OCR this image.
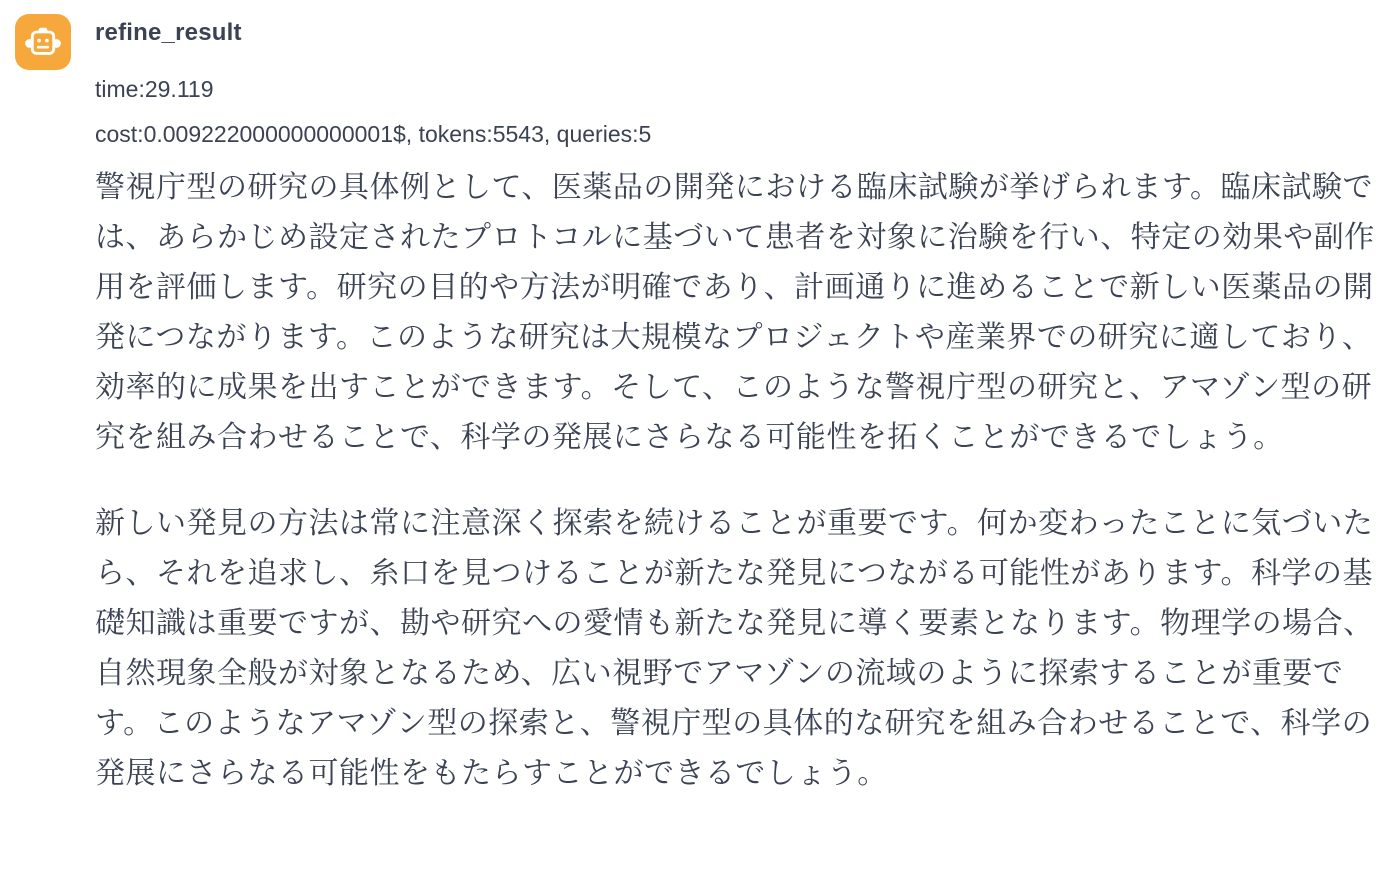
refine_result
time:29.119
cost:0.009222000000000001$, tokens:5543, queries:5

警視庁型の研究の具体例として、医薬品の開発における臨床試験が挙げられます。臨床試験では、あらかじめ設定されたプロトコルに基づいて患者を対象に治験を行い、特定の効果や副作用を評価します。研究の目的や方法が明確であり、計画通りに進めることで新しい医薬品の開発につながります。このような研究は大規模なプロジェクトや産業界での研究に適しており、効率的に成果を出すことができます。そして、このような警視庁型の研究と、アマゾン型の研究を組み合わせることで、科学の発展にさらなる可能性を拓くことができるでしょう。

新しい発見の方法は常に注意深く探索を続けることが重要です。何か変わったことに気づいたら、それを追求し、糸口を見つけることが新たな発見につながる可能性があります。科学の基礎知識は重要ですが、勘や研究への愛情も新たな発見に導く要素となります。物理学の場合、自然現象全般が対象となるため、広い視野でアマゾンの流域のように探索することが重要です。このようなアマゾン型の探索と、警視庁型の具体的な研究を組み合わせることで、科学の発展にさらなる可能性をもたらすことができるでしょう。
